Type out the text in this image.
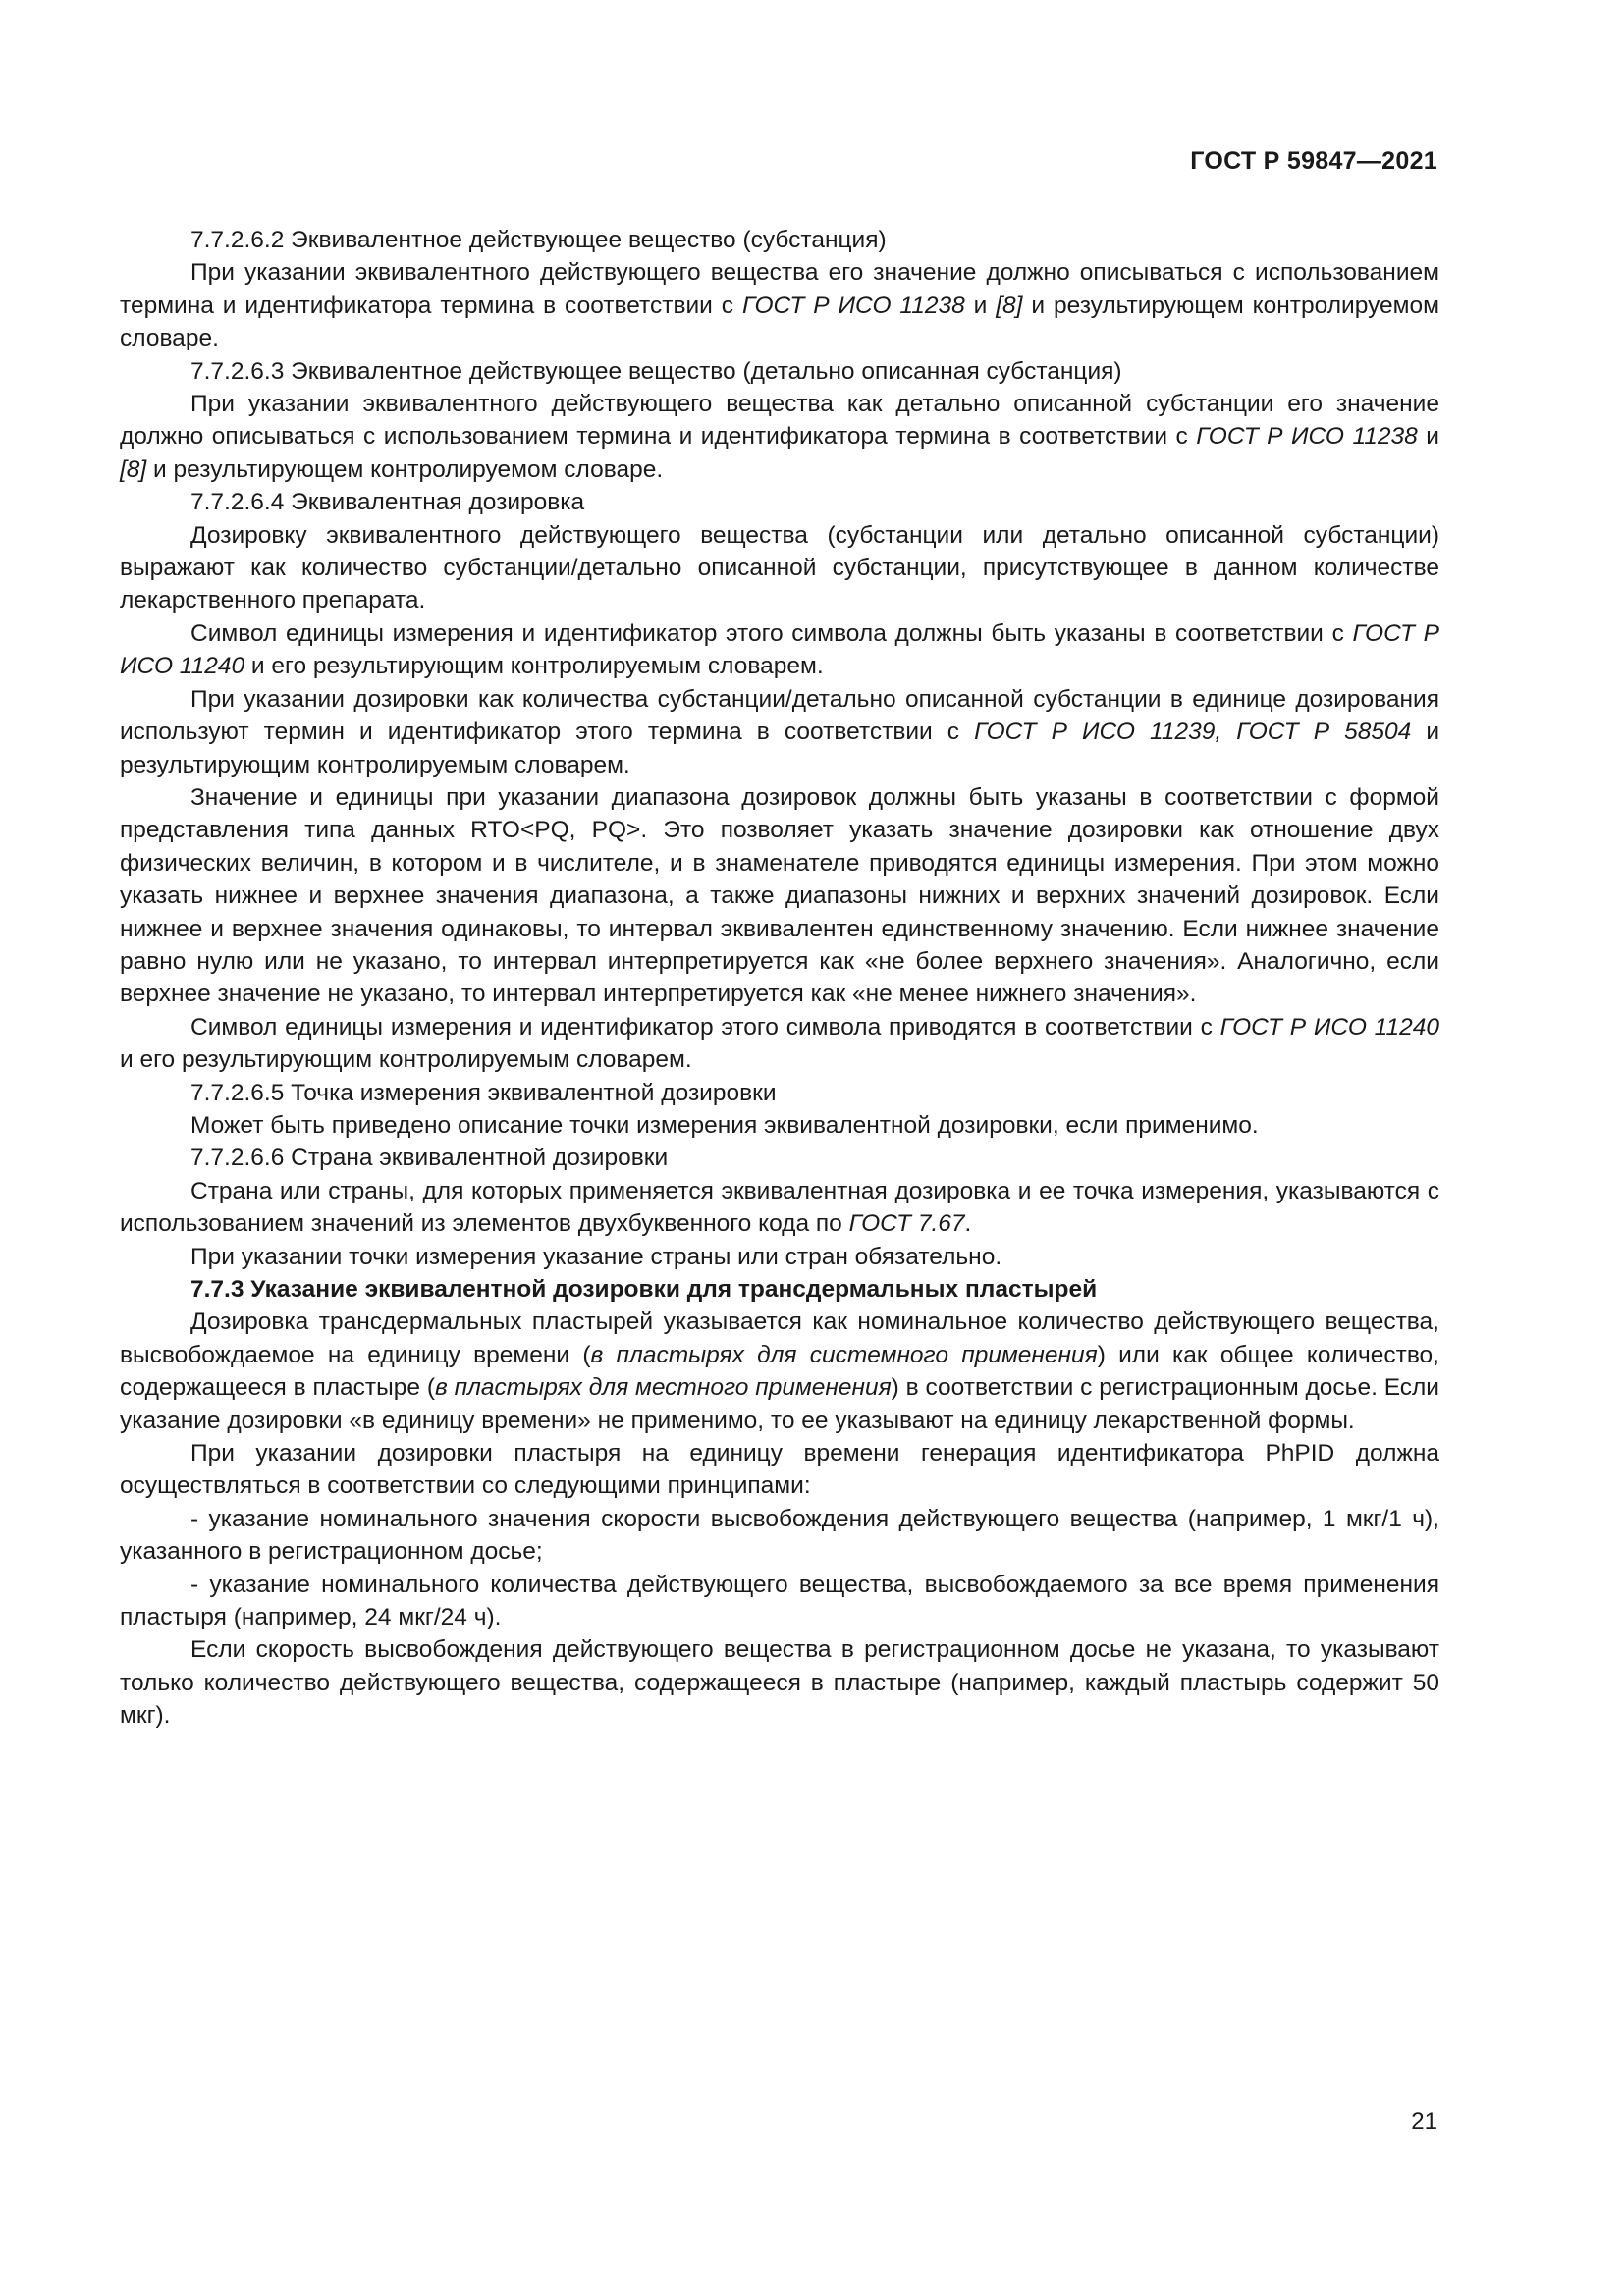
ГОСТ Р 59847—2021

7.7.2.6.2 Эквивалентное действующее вещество (субстанция)

При указании эквивалентного действующего вещества его значение должно описываться с использованием термина и идентификатора термина в соответствии с ГОСТ Р ИСО 11238 и [8] и результирующем контролируемом словаре.

7.7.2.6.3 Эквивалентное действующее вещество (детально описанная субстанция)

При указании эквивалентного действующего вещества как детально описанной субстанции его значение должно описываться с использованием термина и идентификатора термина в соответствии с ГОСТ Р ИСО 11238 и [8] и результирующем контролируемом словаре.

7.7.2.6.4 Эквивалентная дозировка

Дозировку эквивалентного действующего вещества (субстанции или детально описанной субстанции) выражают как количество субстанции/детально описанной субстанции, присутствующее в данном количестве лекарственного препарата.

Символ единицы измерения и идентификатор этого символа должны быть указаны в соответствии с ГОСТ Р ИСО 11240 и его результирующим контролируемым словарем.

При указании дозировки как количества субстанции/детально описанной субстанции в единице дозирования используют термин и идентификатор этого термина в соответствии с ГОСТ Р ИСО 11239, ГОСТ Р 58504 и результирующим контролируемым словарем.

Значение и единицы при указании диапазона дозировок должны быть указаны в соответствии с формой представления типа данных RTO<PQ, PQ>. Это позволяет указать значение дозировки как отношение двух физических величин, в котором и в числителе, и в знаменателе приводятся единицы измерения. При этом можно указать нижнее и верхнее значения диапазона, а также диапазоны нижних и верхних значений дозировок. Если нижнее и верхнее значения одинаковы, то интервал эквивалентен единственному значению. Если нижнее значение равно нулю или не указано, то интервал интерпретируется как «не более верхнего значения». Аналогично, если верхнее значение не указано, то интервал интерпретируется как «не менее нижнего значения».

Символ единицы измерения и идентификатор этого символа приводятся в соответствии с ГОСТ Р ИСО 11240 и его результирующим контролируемым словарем.

7.7.2.6.5 Точка измерения эквивалентной дозировки

Может быть приведено описание точки измерения эквивалентной дозировки, если применимо.

7.7.2.6.6 Страна эквивалентной дозировки

Страна или страны, для которых применяется эквивалентная дозировка и ее точка измерения, указываются с использованием значений из элементов двухбуквенного кода по ГОСТ 7.67.

При указании точки измерения указание страны или стран обязательно.

7.7.3 Указание эквивалентной дозировки для трансдермальных пластырей

Дозировка трансдермальных пластырей указывается как номинальное количество действующего вещества, высвобождаемое на единицу времени (в пластырях для системного применения) или как общее количество, содержащееся в пластыре (в пластырях для местного применения) в соответствии с регистрационным досье. Если указание дозировки «в единицу времени» не применимо, то ее указывают на единицу лекарственной формы.

При указании дозировки пластыря на единицу времени генерация идентификатора PhPID должна осуществляться в соответствии со следующими принципами:

- указание номинального значения скорости высвобождения действующего вещества (например, 1 мкг/1 ч), указанного в регистрационном досье;

- указание номинального количества действующего вещества, высвобождаемого за все время применения пластыря (например, 24 мкг/24 ч).

Если скорость высвобождения действующего вещества в регистрационном досье не указана, то указывают только количество действующего вещества, содержащееся в пластыре (например, каждый пластырь содержит 50 мкг).

21
